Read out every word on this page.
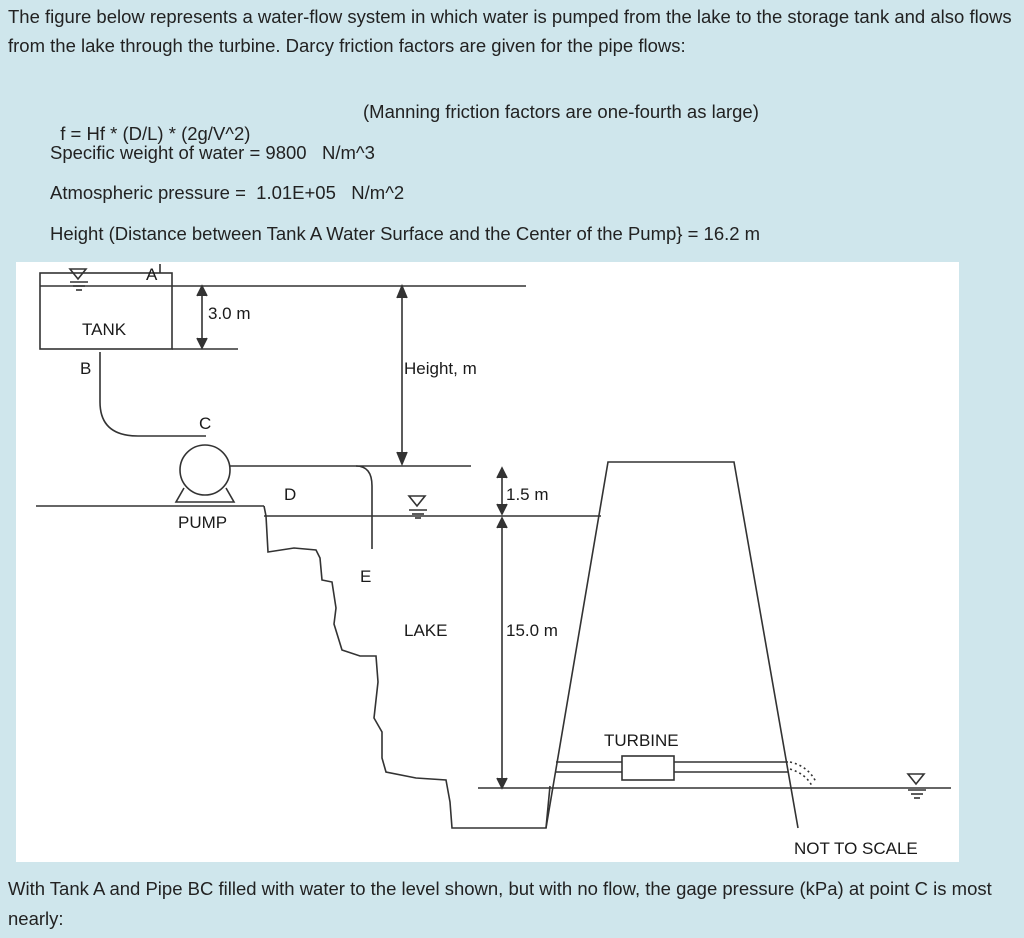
The figure below represents a water-flow system in which water is pumped from the lake to the storage tank and also flows from the lake through the turbine. Darcy friction factors are given for the pipe flows:

f = Hf * (D/L) * (2g/V^2)

(Manning friction factors are one-fourth as large)

Specific weight of water = 9800   N/m^3
Atmospheric pressure =  1.01E+05   N/m^2
Height (Distance between Tank A Water Surface and the Center of the Pump} = 16.2 m
A
TANK
3.0 m
B	Height, m
C
D	1.5 m
PUMP
E
LAKE	15.0 m
TURBINE
NOT TO SCALE
With Tank A and Pipe BC filled with water to the level shown, but with no flow, the gage pressure (kPa) at point C is most nearly:
